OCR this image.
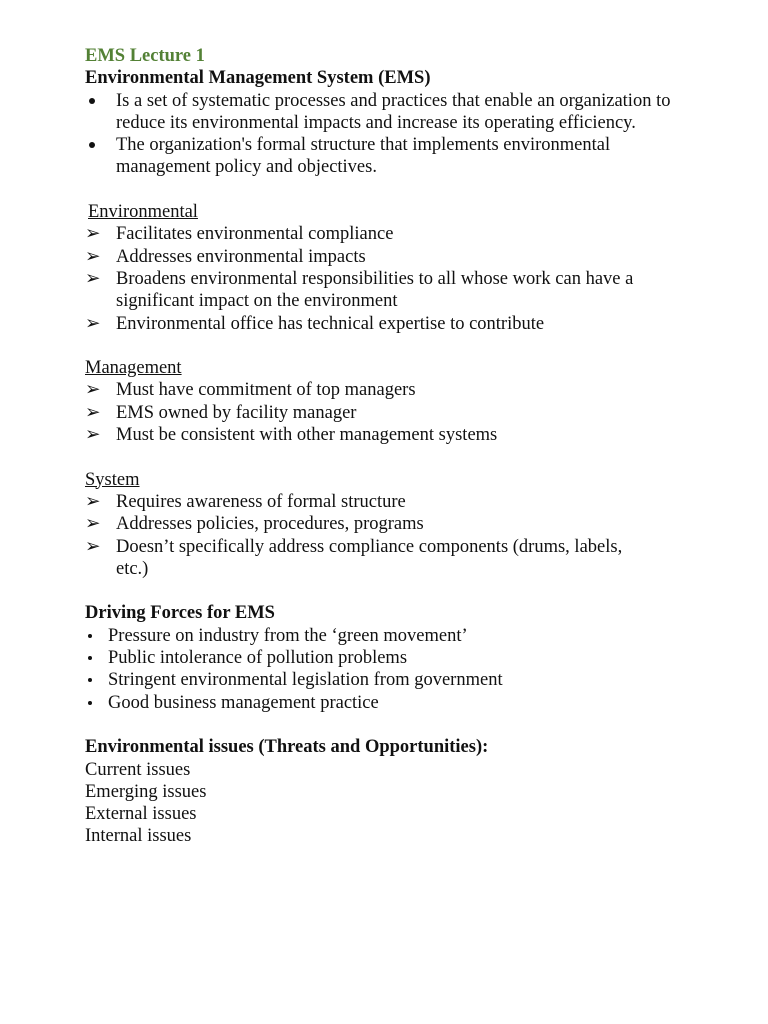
EMS Lecture 1
Environmental Management System (EMS)
Is a set of systematic processes and practices that enable an organization to reduce its environmental impacts and increase its operating efficiency.
The organization's formal structure that implements environmental management policy and objectives.
Environmental
➢ Facilitates environmental compliance
➢ Addresses environmental impacts
➢ Broadens environmental responsibilities to all whose work can have a significant impact on the environment
➢ Environmental office has technical expertise to contribute
Management
➢ Must have commitment of top managers
➢ EMS owned by facility manager
➢ Must be consistent with other management systems
System
➢ Requires awareness of formal structure
➢ Addresses policies, procedures, programs
➢ Doesn’t specifically address compliance components (drums, labels, etc.)
Driving Forces for EMS
Pressure on industry from the ‘green movement’
Public intolerance of pollution problems
Stringent environmental legislation from government
Good business management practice
Environmental issues (Threats and Opportunities):
Current issues
Emerging issues
External issues
Internal issues
